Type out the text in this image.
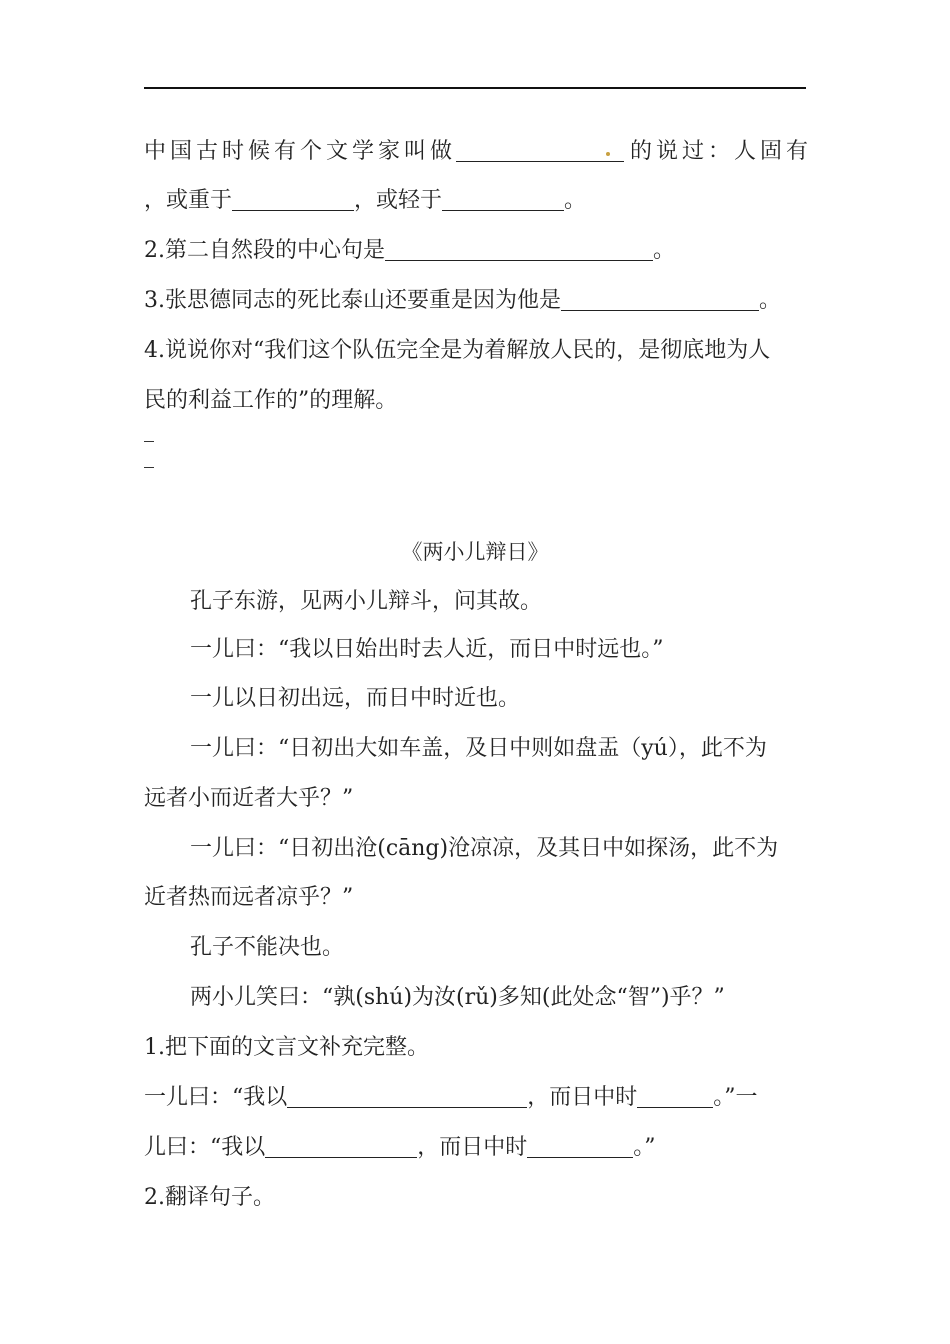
中国古时候有个文学家叫做	的说过：人固有
，或重于	，或轻于	。
2.第二自然段的中心句是	。
3.张思德同志的死比泰山还要重是因为他是	。
4.说说你对“我们这个队伍完全是为着解放人民的，是彻底地为人
民的利益工作的”的理解。
《两小儿辩日》
孔子东游，见两小儿辩斗，问其故。
一儿曰：“我以日始出时去人近，而日中时远也。”
一儿以日初出远，而日中时近也。
一儿曰：“日初出大如车盖，及日中则如盘盂（yú），此不为
远者小而近者大乎？”
一儿曰：“日初出沧(cāng)沧凉凉，及其日中如探汤，此不为
近者热而远者凉乎？”
孔子不能决也。
两小儿笑曰：“孰(shú)为汝(rǔ)多知(此处念“智”)乎？”
1.把下面的文言文补充完整。
一儿曰：“我以	，而日中时	。”一
儿曰：“我以	，而日中时	。”
2.翻译句子。
